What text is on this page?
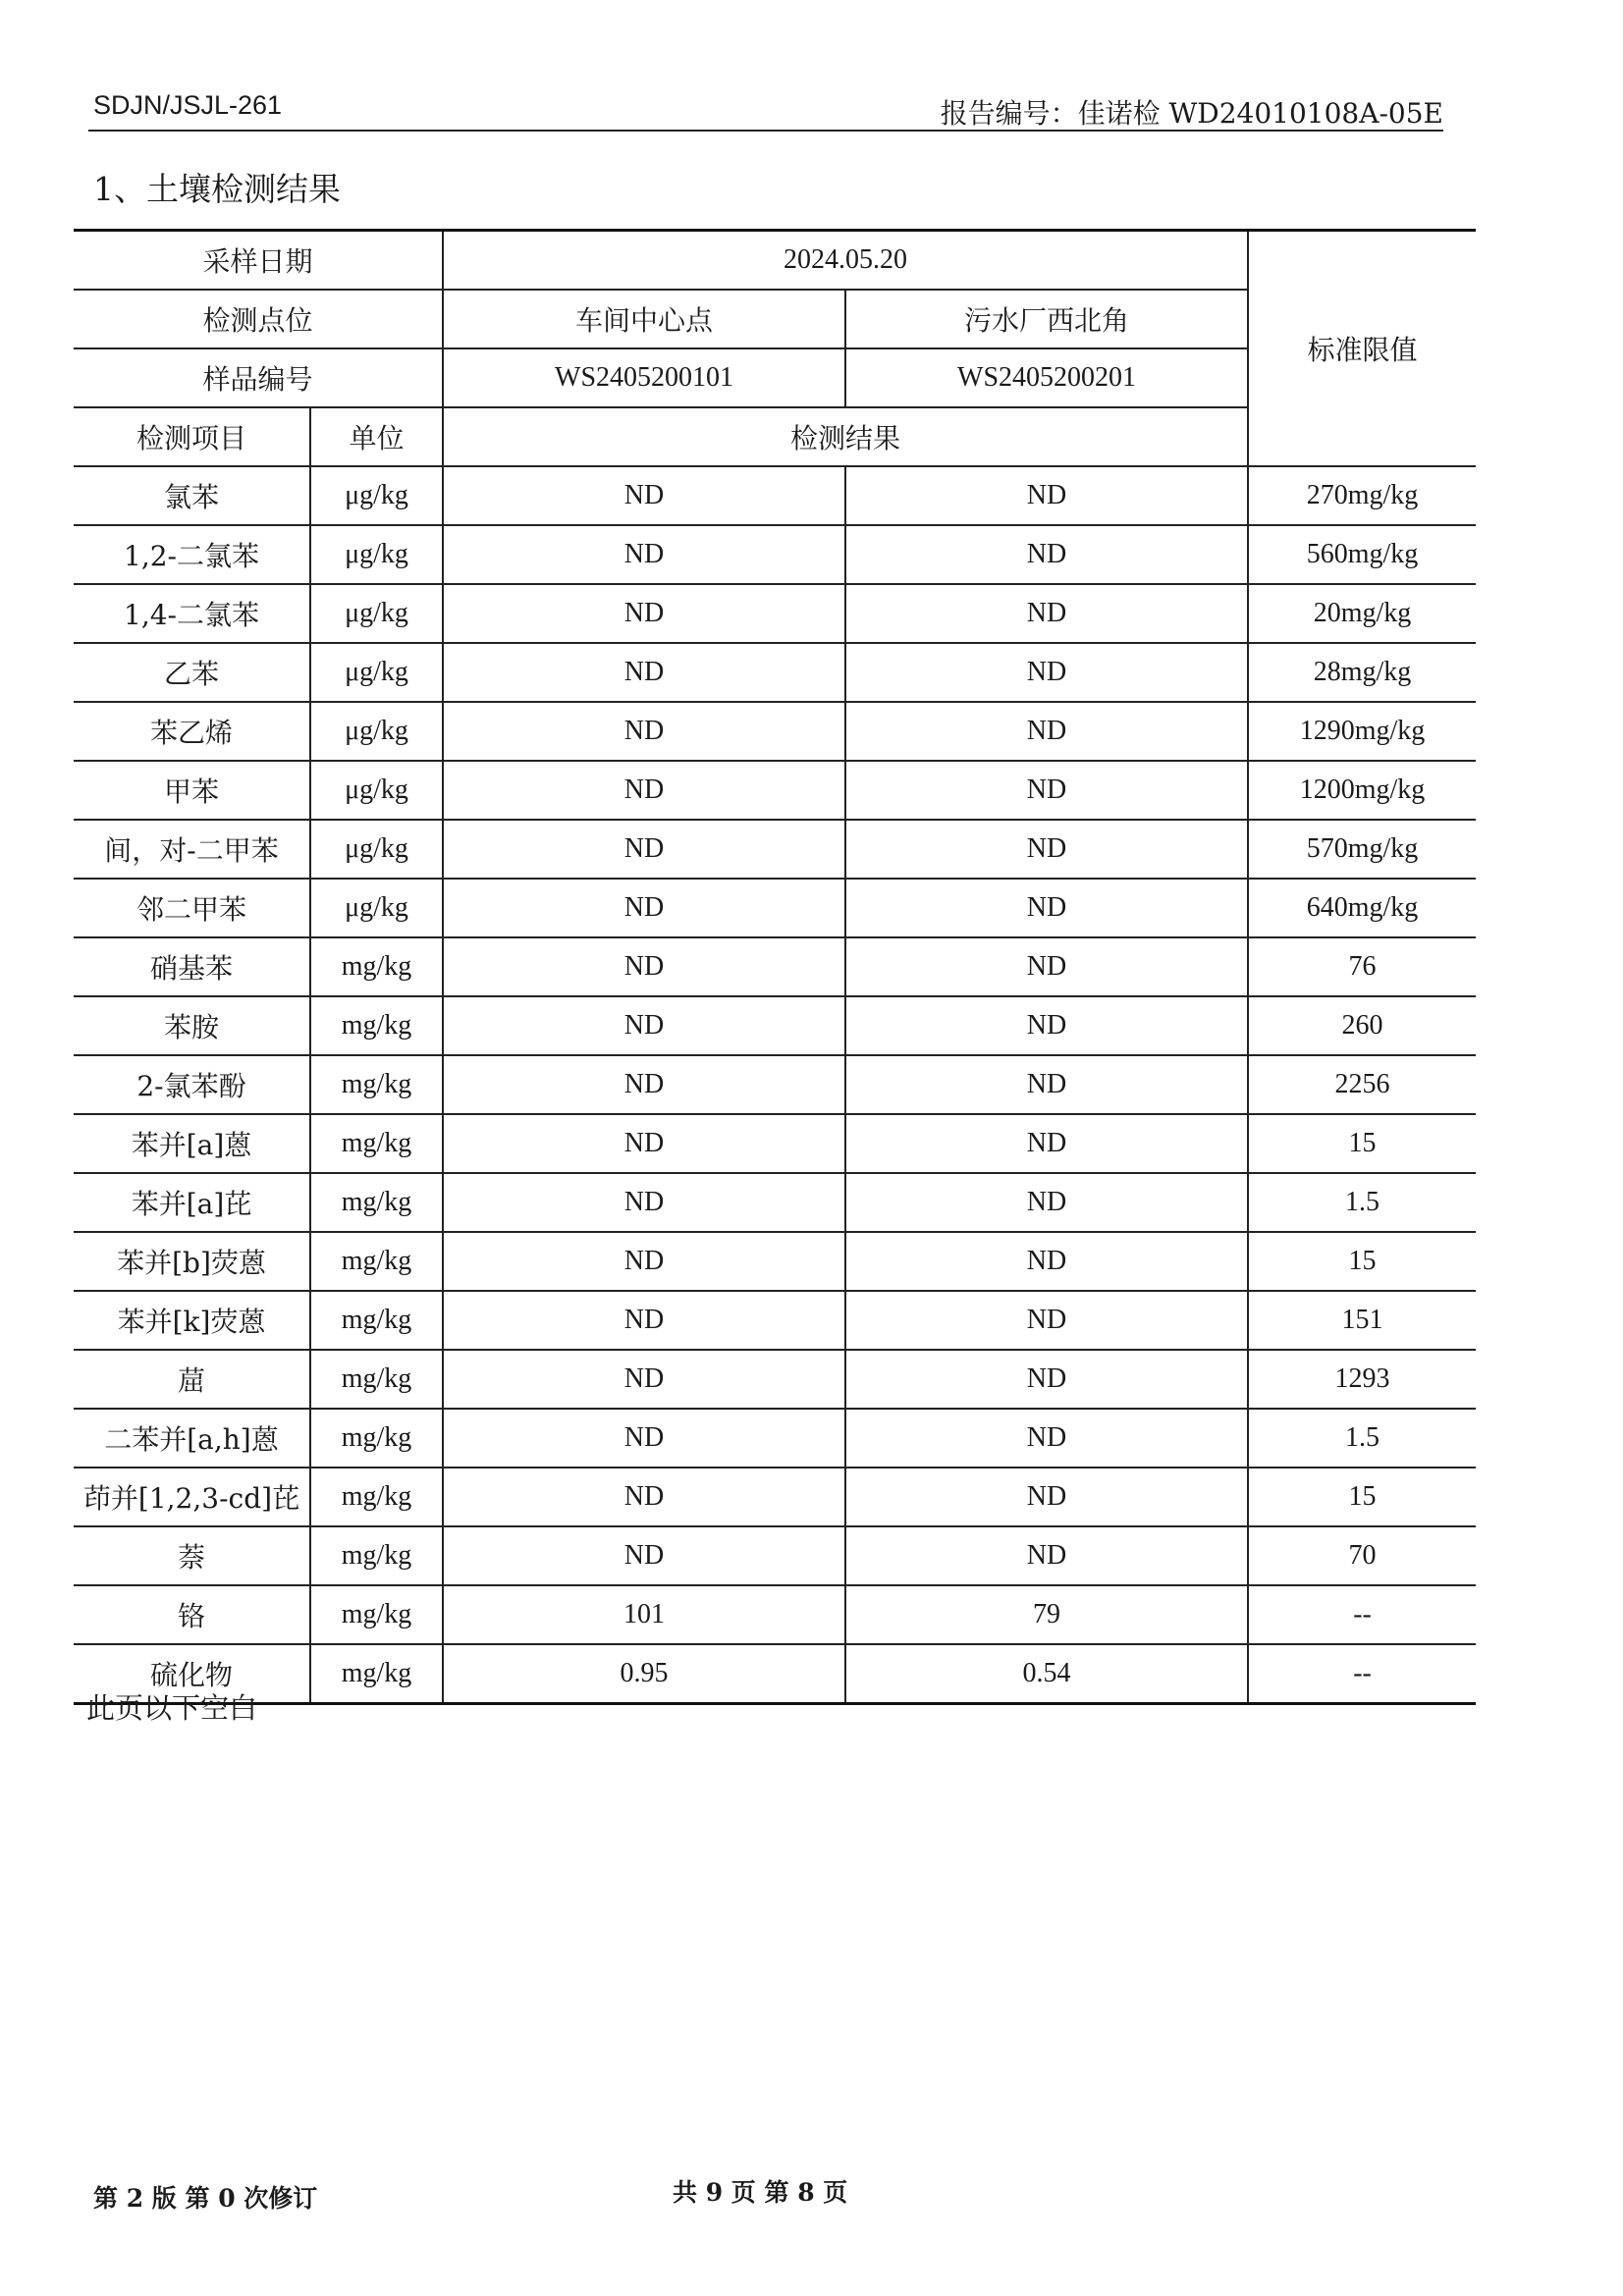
SDJN/JSJL-261	报告编号：佳诺检 WD24010108A-05E
1、土壤检测结果
采样日期		2024.05.20		标准限值
检测点位		车间中心点	污水厂西北角	
样品编号		WS2405200101	WS2405200201	
检测项目	单位	检测结果		
氯苯	μg/kg	ND	ND	270mg/kg
1,2-二氯苯	μg/kg	ND	ND	560mg/kg
1,4-二氯苯	μg/kg	ND	ND	20mg/kg
乙苯	μg/kg	ND	ND	28mg/kg
苯乙烯	μg/kg	ND	ND	1290mg/kg
甲苯	μg/kg	ND	ND	1200mg/kg
间，对-二甲苯	μg/kg	ND	ND	570mg/kg
邻二甲苯	μg/kg	ND	ND	640mg/kg
硝基苯	mg/kg	ND	ND	76
苯胺	mg/kg	ND	ND	260
2-氯苯酚	mg/kg	ND	ND	2256
苯并[a]蒽	mg/kg	ND	ND	15
苯并[a]芘	mg/kg	ND	ND	1.5
苯并[b]荧蒽	mg/kg	ND	ND	15
苯并[k]荧蒽	mg/kg	ND	ND	151
䓛	mg/kg	ND	ND	1293
二苯并[a,h]蒽	mg/kg	ND	ND	1.5
茚并[1,2,3-cd]芘	mg/kg	ND	ND	15
萘	mg/kg	ND	ND	70
铬	mg/kg	101	79	--
硫化物	mg/kg	0.95	0.54	--
此页以下空白
第 2 版 第 0 次修订	共 9 页 第 8 页
